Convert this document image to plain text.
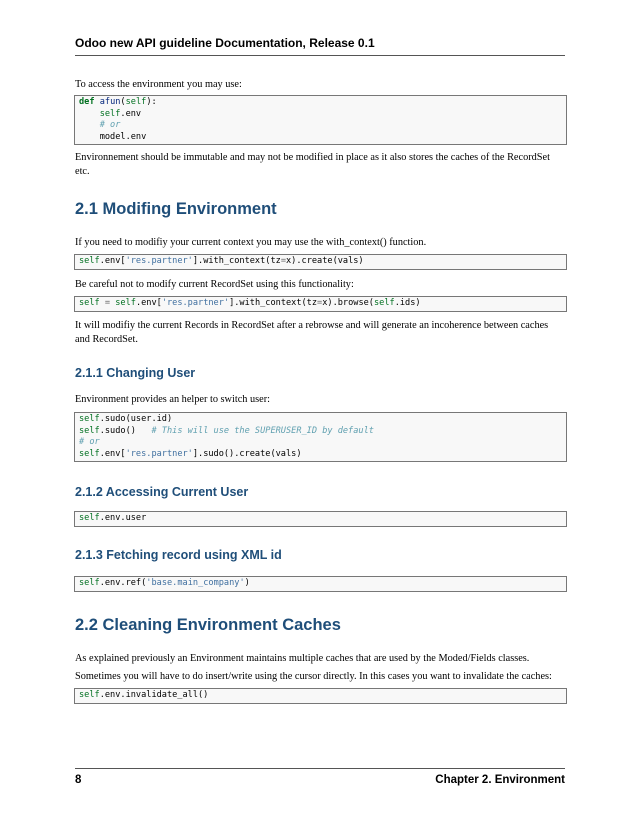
Odoo new API guideline Documentation, Release 0.1

To access the environment you may use:

def afun(self):
self.env
# or
model.env

Environnement should be immutable and may not be modified in place as it also stores the caches of the RecordSet etc.

2.1 Modifing Environment

If you need to modifiy your current context you may use the with_context() function.

self.env['res.partner'].with_context(tz=x).create(vals)

Be careful not to modify current RecordSet using this functionality:

self = self.env['res.partner'].with_context(tz=x).browse(self.ids)

It will modifiy the current Records in RecordSet after a rebrowse and will generate an incoherence between caches and RecordSet.

2.1.1 Changing User

Environment provides an helper to switch user:

self.sudo(user.id)
self.sudo()   # This will use the SUPERUSER_ID by default
# or
self.env['res.partner'].sudo().create(vals)
2.1.2 Accessing Current User
self.env.user
2.1.3 Fetching record using XML id
self.env.ref('base.main_company')
2.2 Cleaning Environment Caches

As explained previously an Environment maintains multiple caches that are used by the Moded/Fields classes.

Sometimes you will have to do insert/write using the cursor directly. In this cases you want to invalidate the caches:

self.env.invalidate_all()
8	Chapter 2. Environment
